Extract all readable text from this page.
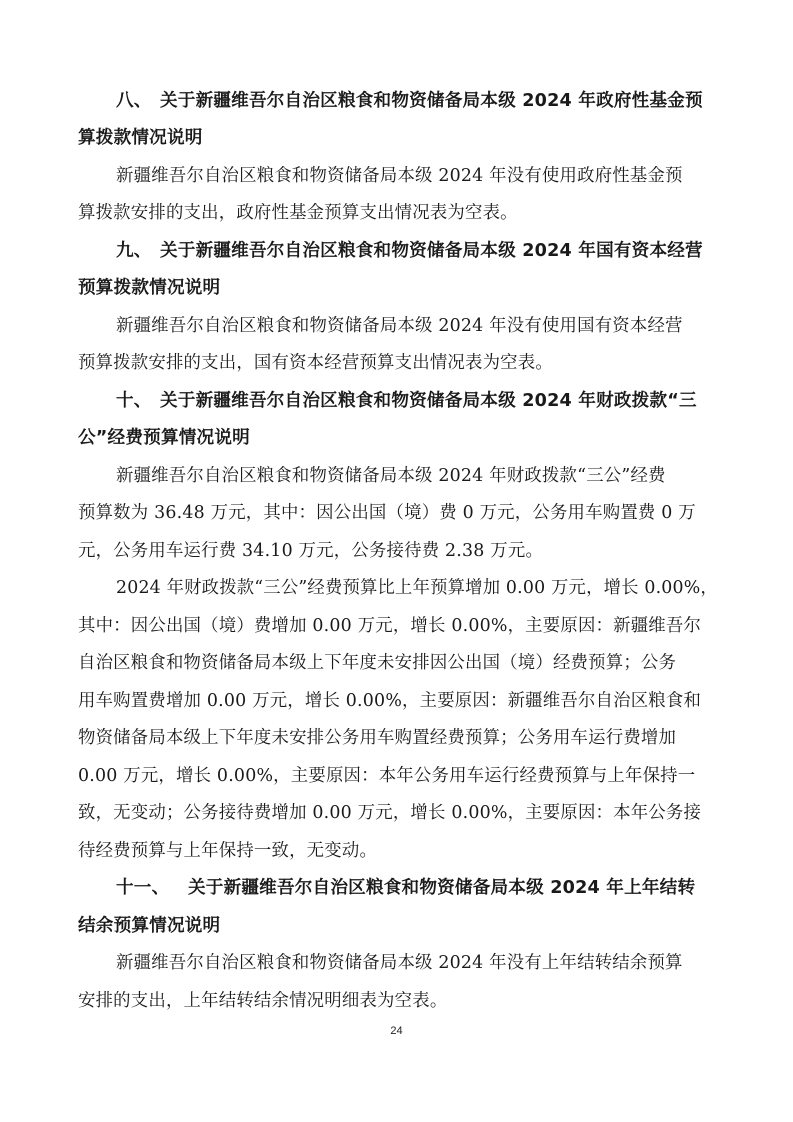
八、 关于新疆维吾尔自治区粮食和物资储备局本级 2024 年政府性基金预
算拨款情况说明
新疆维吾尔自治区粮食和物资储备局本级 2024 年没有使用政府性基金预
算拨款安排的支出，政府性基金预算支出情况表为空表。
九、 关于新疆维吾尔自治区粮食和物资储备局本级 2024 年国有资本经营
预算拨款情况说明
新疆维吾尔自治区粮食和物资储备局本级 2024 年没有使用国有资本经营
预算拨款安排的支出，国有资本经营预算支出情况表为空表。
十、 关于新疆维吾尔自治区粮食和物资储备局本级 2024 年财政拨款“三
公”经费预算情况说明
新疆维吾尔自治区粮食和物资储备局本级 2024 年财政拨款“三公”经费
预算数为 36.48 万元，其中：因公出国（境）费 0 万元，公务用车购置费 0 万
元，公务用车运行费 34.10 万元，公务接待费 2.38 万元。
2024 年财政拨款“三公”经费预算比上年预算增加 0.00 万元，增长 0.00%，
其中：因公出国（境）费增加 0.00 万元，增长 0.00%，主要原因：新疆维吾尔
自治区粮食和物资储备局本级上下年度未安排因公出国（境）经费预算；公务
用车购置费增加 0.00 万元，增长 0.00%，主要原因：新疆维吾尔自治区粮食和
物资储备局本级上下年度未安排公务用车购置经费预算；公务用车运行费增加
0.00 万元，增长 0.00%，主要原因：本年公务用车运行经费预算与上年保持一
致，无变动；公务接待费增加 0.00 万元，增长 0.00%，主要原因：本年公务接
待经费预算与上年保持一致，无变动。
十一、 关于新疆维吾尔自治区粮食和物资储备局本级 2024 年上年结转
结余预算情况说明
新疆维吾尔自治区粮食和物资储备局本级 2024 年没有上年结转结余预算
安排的支出，上年结转结余情况明细表为空表。
24
